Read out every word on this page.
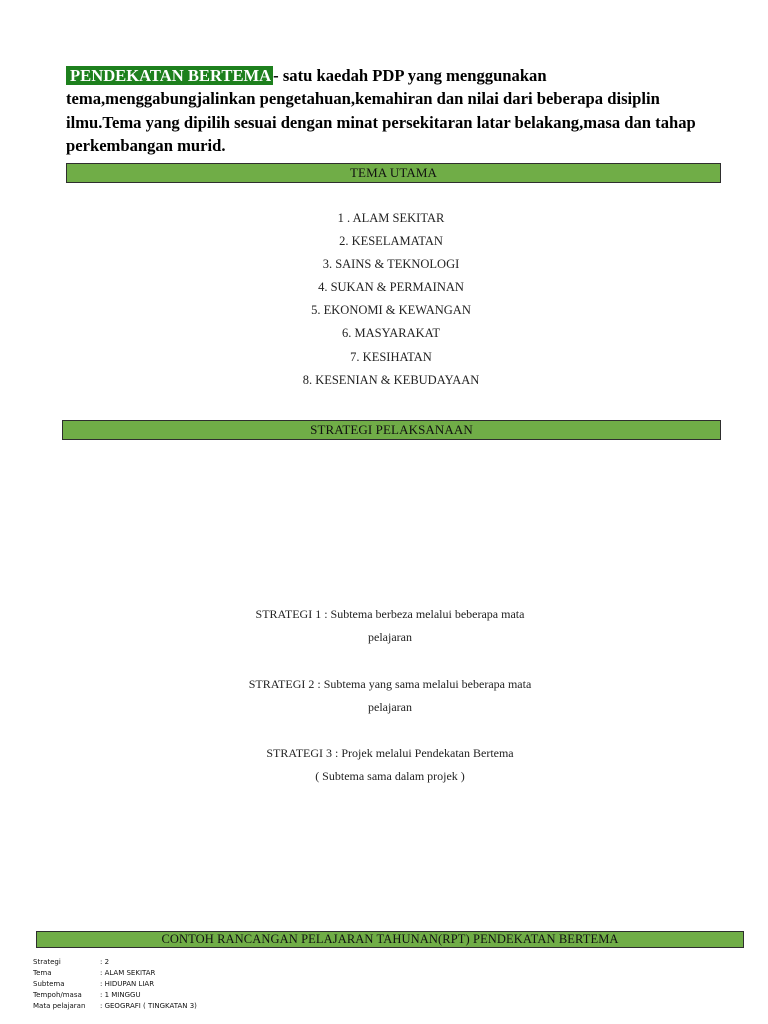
PENDEKATAN BERTEMA - satu kaedah PDP yang menggunakan tema,menggabungjalinkan pengetahuan,kemahiran dan nilai dari beberapa disiplin ilmu.Tema yang dipilih sesuai dengan minat persekitaran latar belakang,masa dan tahap perkembangan murid.
TEMA UTAMA
1 . ALAM SEKITAR
2. KESELAMATAN
3. SAINS & TEKNOLOGI
4. SUKAN & PERMAINAN
5. EKONOMI & KEWANGAN
6. MASYARAKAT
7. KESIHATAN
8. KESENIAN & KEBUDAYAAN
STRATEGI PELAKSANAAN
STRATEGI 1 : Subtema berbeza melalui beberapa mata
pelajaran
STRATEGI 2 : Subtema yang sama melalui beberapa mata
pelajaran
STRATEGI 3 : Projek melalui Pendekatan Bertema
( Subtema sama dalam projek )
CONTOH RANCANGAN PELAJARAN TAHUNAN(RPT) PENDEKATAN BERTEMA
Strategi	: 2
Tema	: ALAM SEKITAR
Subtema	: HIDUPAN LIAR
Tempoh/masa	: 1 MINGGU
Mata pelajaran	: GEOGRAFI ( TINGKATAN 3)
